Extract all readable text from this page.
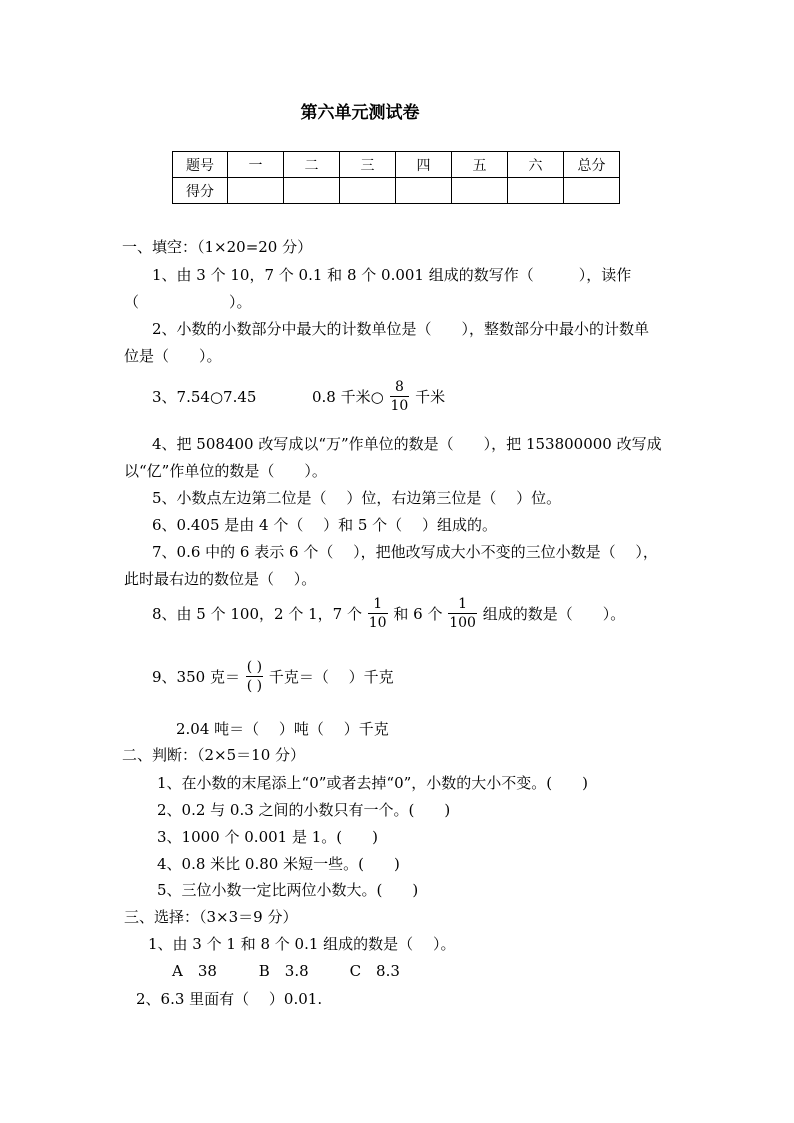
第六单元测试卷
题号	一	二	三	四	五	六	总分
得分							
一、填空：（1×20=20 分）
1、由 3 个 10，7 个 0.1 和 8 个 0.001 组成的数写作（　　　），读作
（　　　　　　）。
2、小数的小数部分中最大的计数单位是（　　），整数部分中最小的计数单
位是（　　）。
3、7.54○7.45	0.8 千米○ $\frac{8}{10}$ 千米
4、把 508400 改写成以“万”作单位的数是（　　），把 153800000 改写成
以“亿”作单位的数是（　　）。
5、小数点左边第二位是（　 ）位，右边第三位是（　 ）位。
6、0.405 是由 4 个（　 ）和 5 个（　 ）组成的。
7、0.6 中的 6 表示 6 个（　 ），把他改写成大小不变的三位小数是（　 ），
此时最右边的数位是（　 ）。
8、由 5 个 100，2 个 1，7 个 $\frac{1}{10}$ 和 6 个 $\frac{1}{100}$ 组成的数是（　　）。
9、350 克＝ $\frac{( )}{( )}$ 千克＝（　 ）千克
2.04 吨＝（　 ）吨（　 ）千克
二、判断：（2×5＝10 分）
1、在小数的末尾添上“0”或者去掉“0”，小数的大小不变。(　　)
2、0.2 与 0.3 之间的小数只有一个。(　　)
3、1000 个 0.001 是 1。(　　)
4、0.8 米比 0.80 米短一些。(　　)
5、三位小数一定比两位小数大。(　　)
三、选择：（3×3＝9 分）
1、由 3 个 1 和 8 个 0.1 组成的数是（　 ）。
A　38	B　3.8	C　8.3
2、6.3 里面有（　 ）0.01.
